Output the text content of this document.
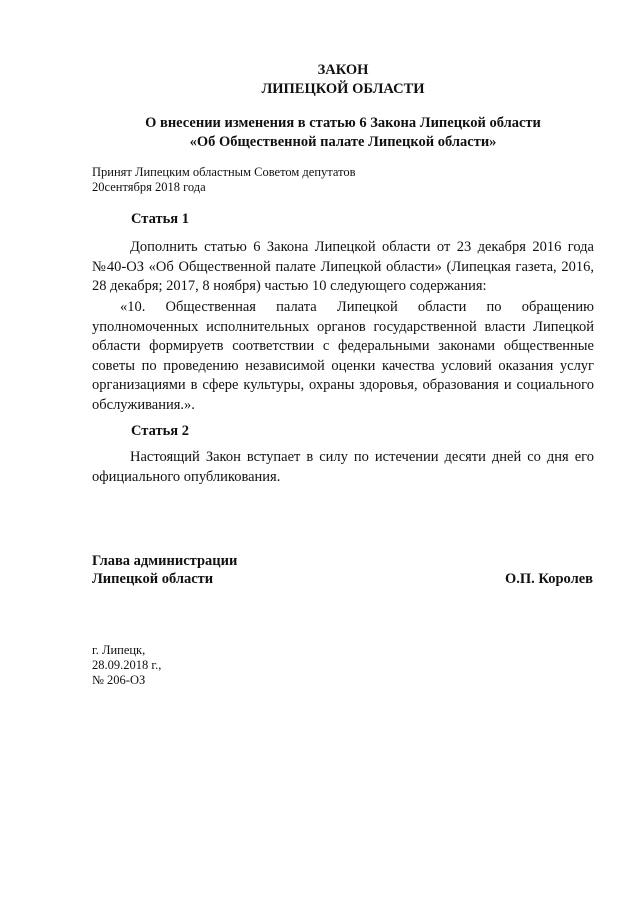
ЗАКОН
ЛИПЕЦКОЙ ОБЛАСТИ
О внесении изменения в статью 6 Закона Липецкой области
«Об Общественной палате Липецкой области»
Принят Липецким областным Советом депутатов
20сентября 2018 года
Статья 1

Дополнить статью 6 Закона Липецкой области от 23 декабря 2016 года №40-ОЗ «Об Общественной палате Липецкой области» (Липецкая газета, 2016, 28 декабря; 2017, 8 ноября) частью 10 следующего содержания:

«10. Общественная палата Липецкой области по обращению уполномоченных исполнительных органов государственной власти Липецкой области формируетв соответствии с федеральными законами общественные советы по проведению независимой оценки качества условий оказания услуг организациями в сфере культуры, охраны здоровья, образования и социального обслуживания.».

Статья 2

Настоящий Закон вступает в силу по истечении десяти дней со дня его официального опубликования.

Глава администрации
Липецкой области	О.П. Королев
г. Липецк,
28.09.2018 г.,
№ 206-ОЗ
